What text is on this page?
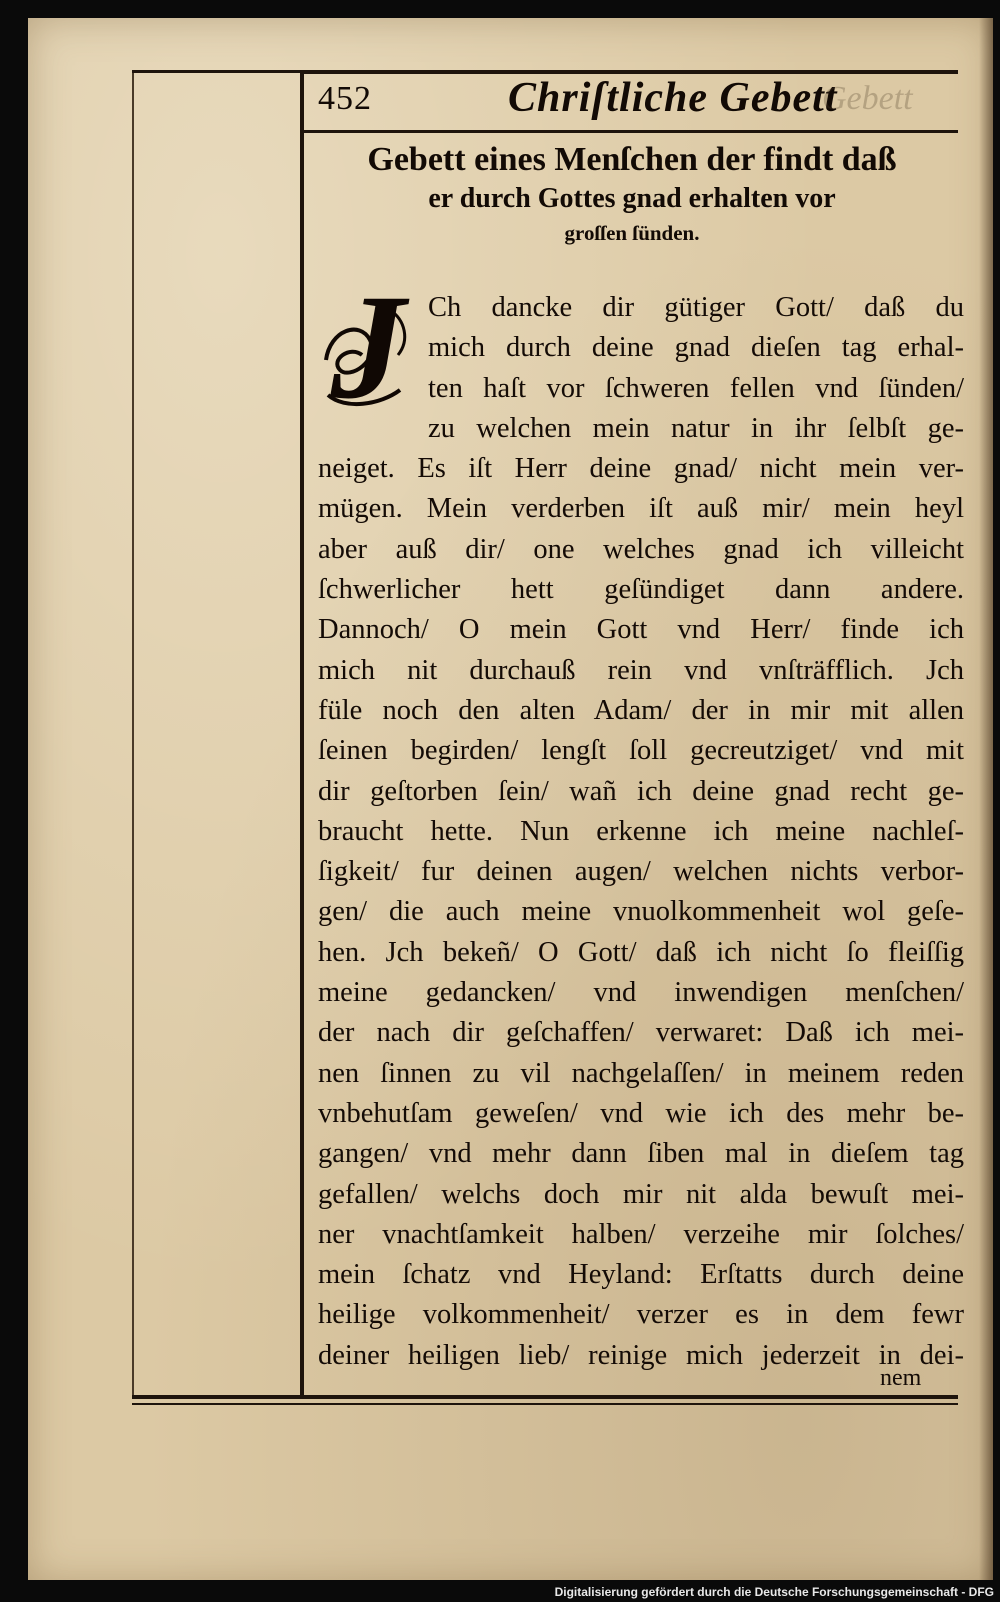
452	Chriſtliche Gebett
Gebett
Gebett eines Menſchen der findt daß
er durch Gottes gnad erhalten vor
groſſen ſünden.
J Ch dancke dir gütiger Gott/ daß du
mich durch deine gnad dieſen tag erhal-
ten haſt vor ſchweren fellen vnd ſünden/
zu welchen mein natur in ihr ſelbſt ge-
neiget. Es iſt Herr deine gnad/ nicht mein ver-
mügen. Mein verderben iſt auß mir/ mein heyl
aber auß dir/ one welches gnad ich villeicht
ſchwerlicher hett geſündiget dann andere.
Dannoch/ O mein Gott vnd Herr/ finde ich
mich nit durchauß rein vnd vnſträfflich. Jch
füle noch den alten Adam/ der in mir mit allen
ſeinen begirden/ lengſt ſoll gecreutziget/ vnd mit
dir geſtorben ſein/ wañ ich deine gnad recht ge-
braucht hette. Nun erkenne ich meine nachleſ-
ſigkeit/ fur deinen augen/ welchen nichts verbor-
gen/ die auch meine vnuolkommenheit wol geſe-
hen. Jch bekeñ/ O Gott/ daß ich nicht ſo fleiſſig
meine gedancken/ vnd inwendigen menſchen/
der nach dir geſchaffen/ verwaret: Daß ich mei-
nen ſinnen zu vil nachgelaſſen/ in meinem reden
vnbehutſam geweſen/ vnd wie ich des mehr be-
gangen/ vnd mehr dann ſiben mal in dieſem tag
gefallen/ welchs doch mir nit alda bewuſt mei-
ner vnachtſamkeit halben/ verzeihe mir ſolches/
mein ſchatz vnd Heyland: Erſtatts durch deine
heilige volkommenheit/ verzer es in dem fewr
deiner heiligen lieb/ reinige mich jederzeit in dei-
nem
Digitalisierung gefördert durch die Deutsche Forschungsgemeinschaft - DFG
